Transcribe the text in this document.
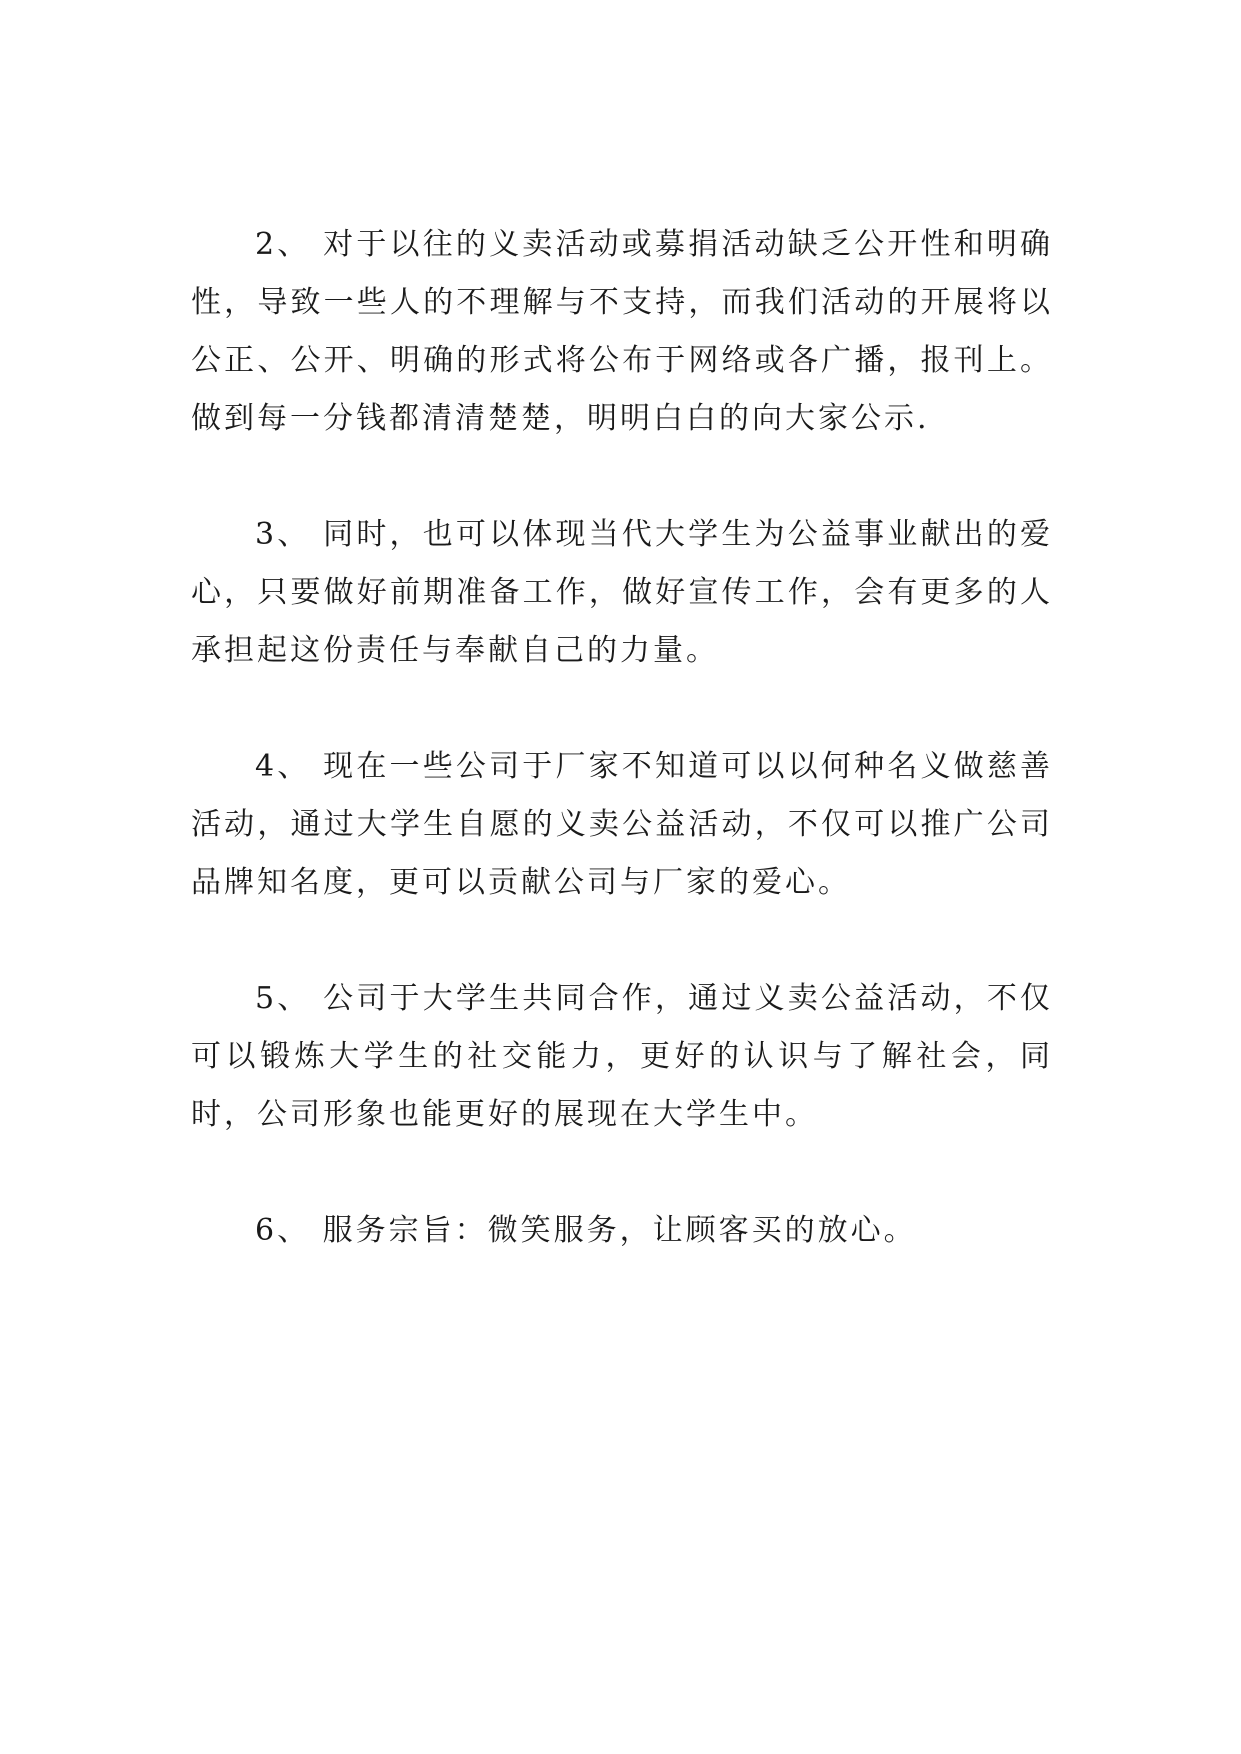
2、 对于以往的义卖活动或募捐活动缺乏公开性和明确性，导致一些人的不理解与不支持，而我们活动的开展将以公正、公开、明确的形式将公布于网络或各广播，报刊上。做到每一分钱都清清楚楚，明明白白的向大家公示.

3、 同时，也可以体现当代大学生为公益事业献出的爱心，只要做好前期准备工作，做好宣传工作，会有更多的人承担起这份责任与奉献自己的力量。

4、 现在一些公司于厂家不知道可以以何种名义做慈善活动，通过大学生自愿的义卖公益活动，不仅可以推广公司品牌知名度，更可以贡献公司与厂家的爱心。

5、 公司于大学生共同合作，通过义卖公益活动，不仅可以锻炼大学生的社交能力，更好的认识与了解社会，同时，公司形象也能更好的展现在大学生中。

6、 服务宗旨：微笑服务，让顾客买的放心。
